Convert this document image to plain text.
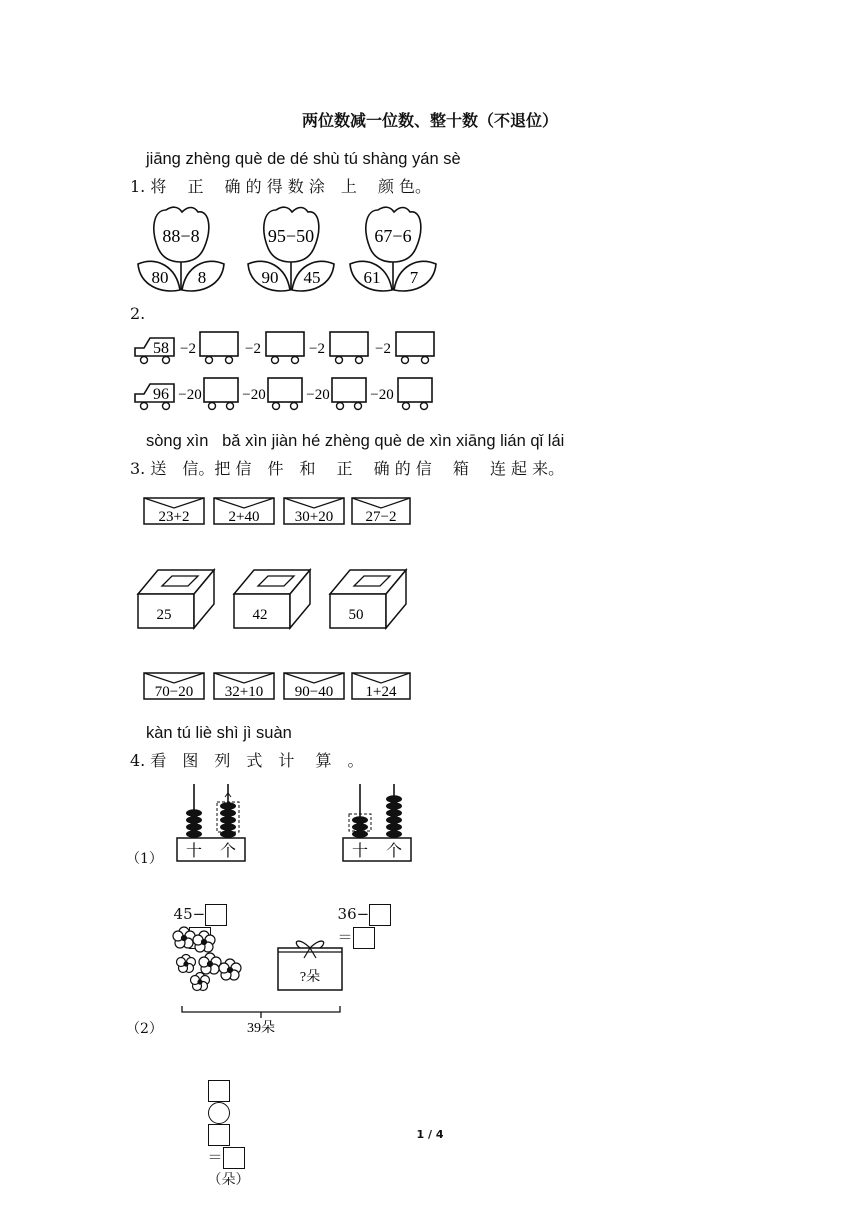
两位数减一位数、整十数（不退位）
jiāng zhèng què de dé shù tú shàng yán sè
1. 将　 正　 确 的 得 数 涂　上　 颜 色。
88−8
80 8
95−50
90 45
67−6
61 7
2.
58 −2	−2	−2	−2
96 −20	−20	−20	−20
sòng xìn   bǎ xìn jiàn hé zhèng què de xìn xiāng lián qǐ lái
3. 送　信。把 信　件　和　 正　 确 的 信　 箱　 连 起 来。
23+2	2+40 30+20 27−2
25	42	50
70−20 32+10 90−40 1+24
kàn tú liè shì jì suàn
4. 看　图　列　式　计　 算　。
（1） 十 个	十 个

45−
	36−
＝

?朵
39朵
（2）

＝
（朵）

1 / 4
